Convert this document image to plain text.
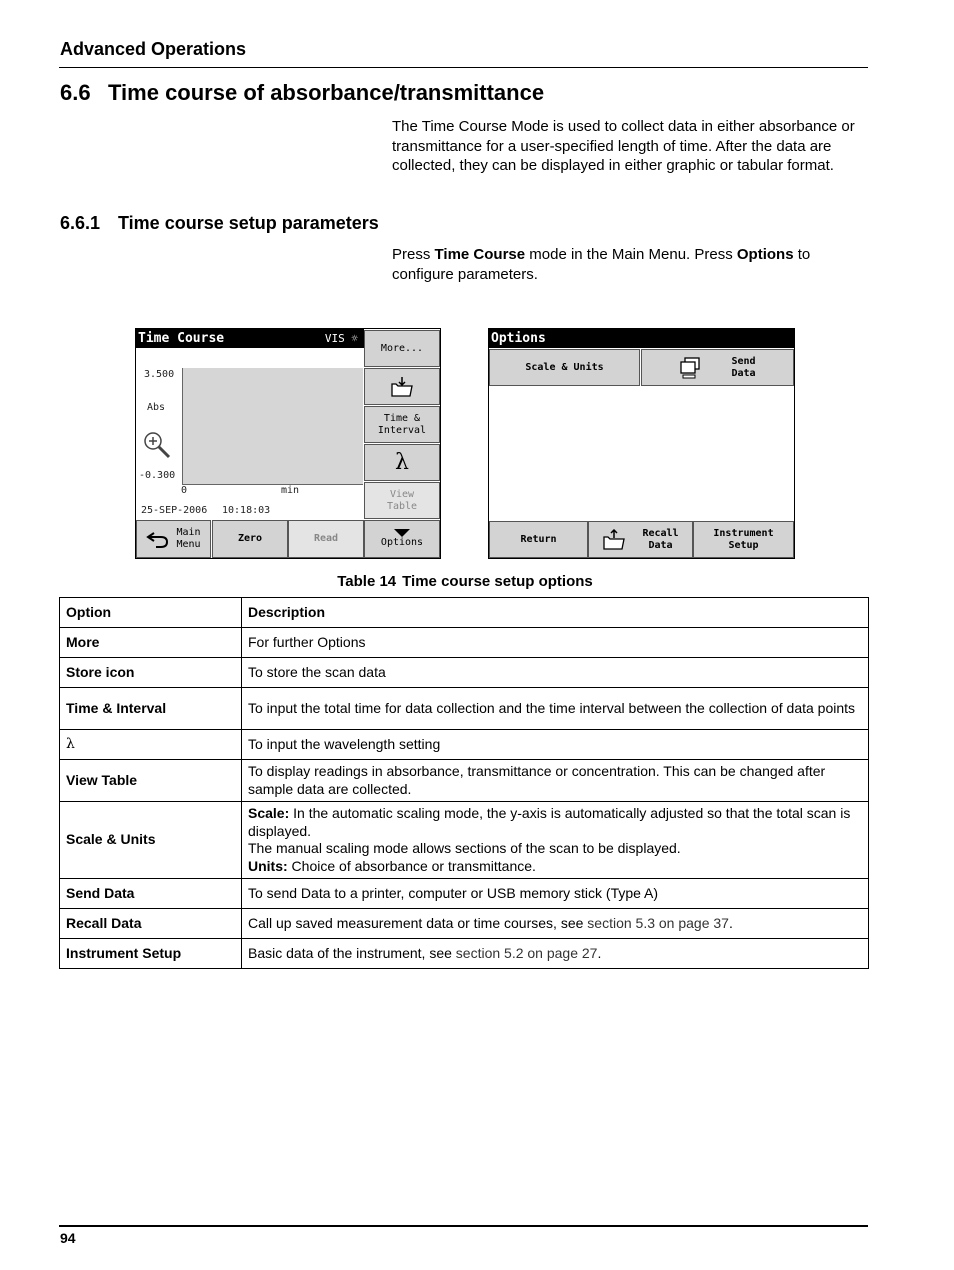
Advanced Operations
6.6 Time course of absorbance/transmittance
The Time Course Mode is used to collect data in either absorbance or transmittance for a user-specified length of time. After the data are collected, they can be displayed in either graphic or tabular format.
6.6.1 Time course setup parameters
Press Time Course mode in the Main Menu. Press Options to configure parameters.
Time Course	VIS ☼
3.500
Abs
-0.300
0	min
25-SEP-2006 10:18:03
More...
Time &
Interval
λ
View
Table
Options
Main
Menu
Zero	Read
Options
Scale & Units
Send
Data
Return
Recall
Data
Instrument
Setup
Table 14 Time course setup options
Option	Description
More	For further Options
Store icon	To store the scan data
Time & Interval	To input the total time for data collection and the time interval between the collection of data points
λ	To input the wavelength setting
View Table	To display readings in absorbance, transmittance or concentration. This can be changed after sample data are collected.
Scale & Units	Scale: In the automatic scaling mode, the y-axis is automatically adjusted so that the total scan is displayed.
The manual scaling mode allows sections of the scan to be displayed.
Units: Choice of absorbance or transmittance.
Send Data	To send Data to a printer, computer or USB memory stick (Type A)
Recall Data	Call up saved measurement data or time courses, see section 5.3 on page 37.
Instrument Setup	Basic data of the instrument, see section 5.2 on page 27.
94
